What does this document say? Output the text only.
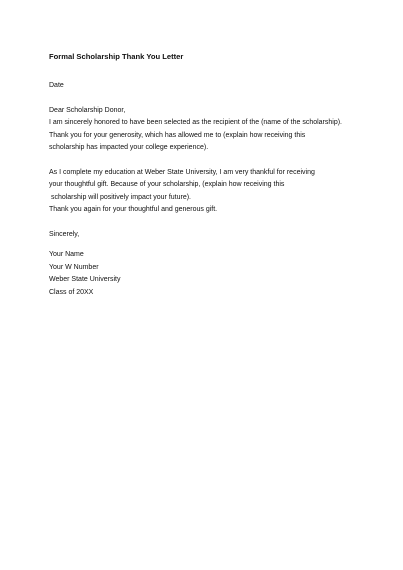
Formal Scholarship Thank You Letter

Date

Dear Scholarship Donor,

I am sincerely honored to have been selected as the recipient of the (name of the scholarship).

Thank you for your generosity, which has allowed me to (explain how receiving this

scholarship has impacted your college experience).

As I complete my education at Weber State University, I am very thankful for receiving

your thoughtful gift. Because of your scholarship, (explain how receiving this

scholarship will positively impact your future).

Thank you again for your thoughtful and generous gift.

Sincerely,

Your Name

Your W Number

Weber State University

Class of 20XX
